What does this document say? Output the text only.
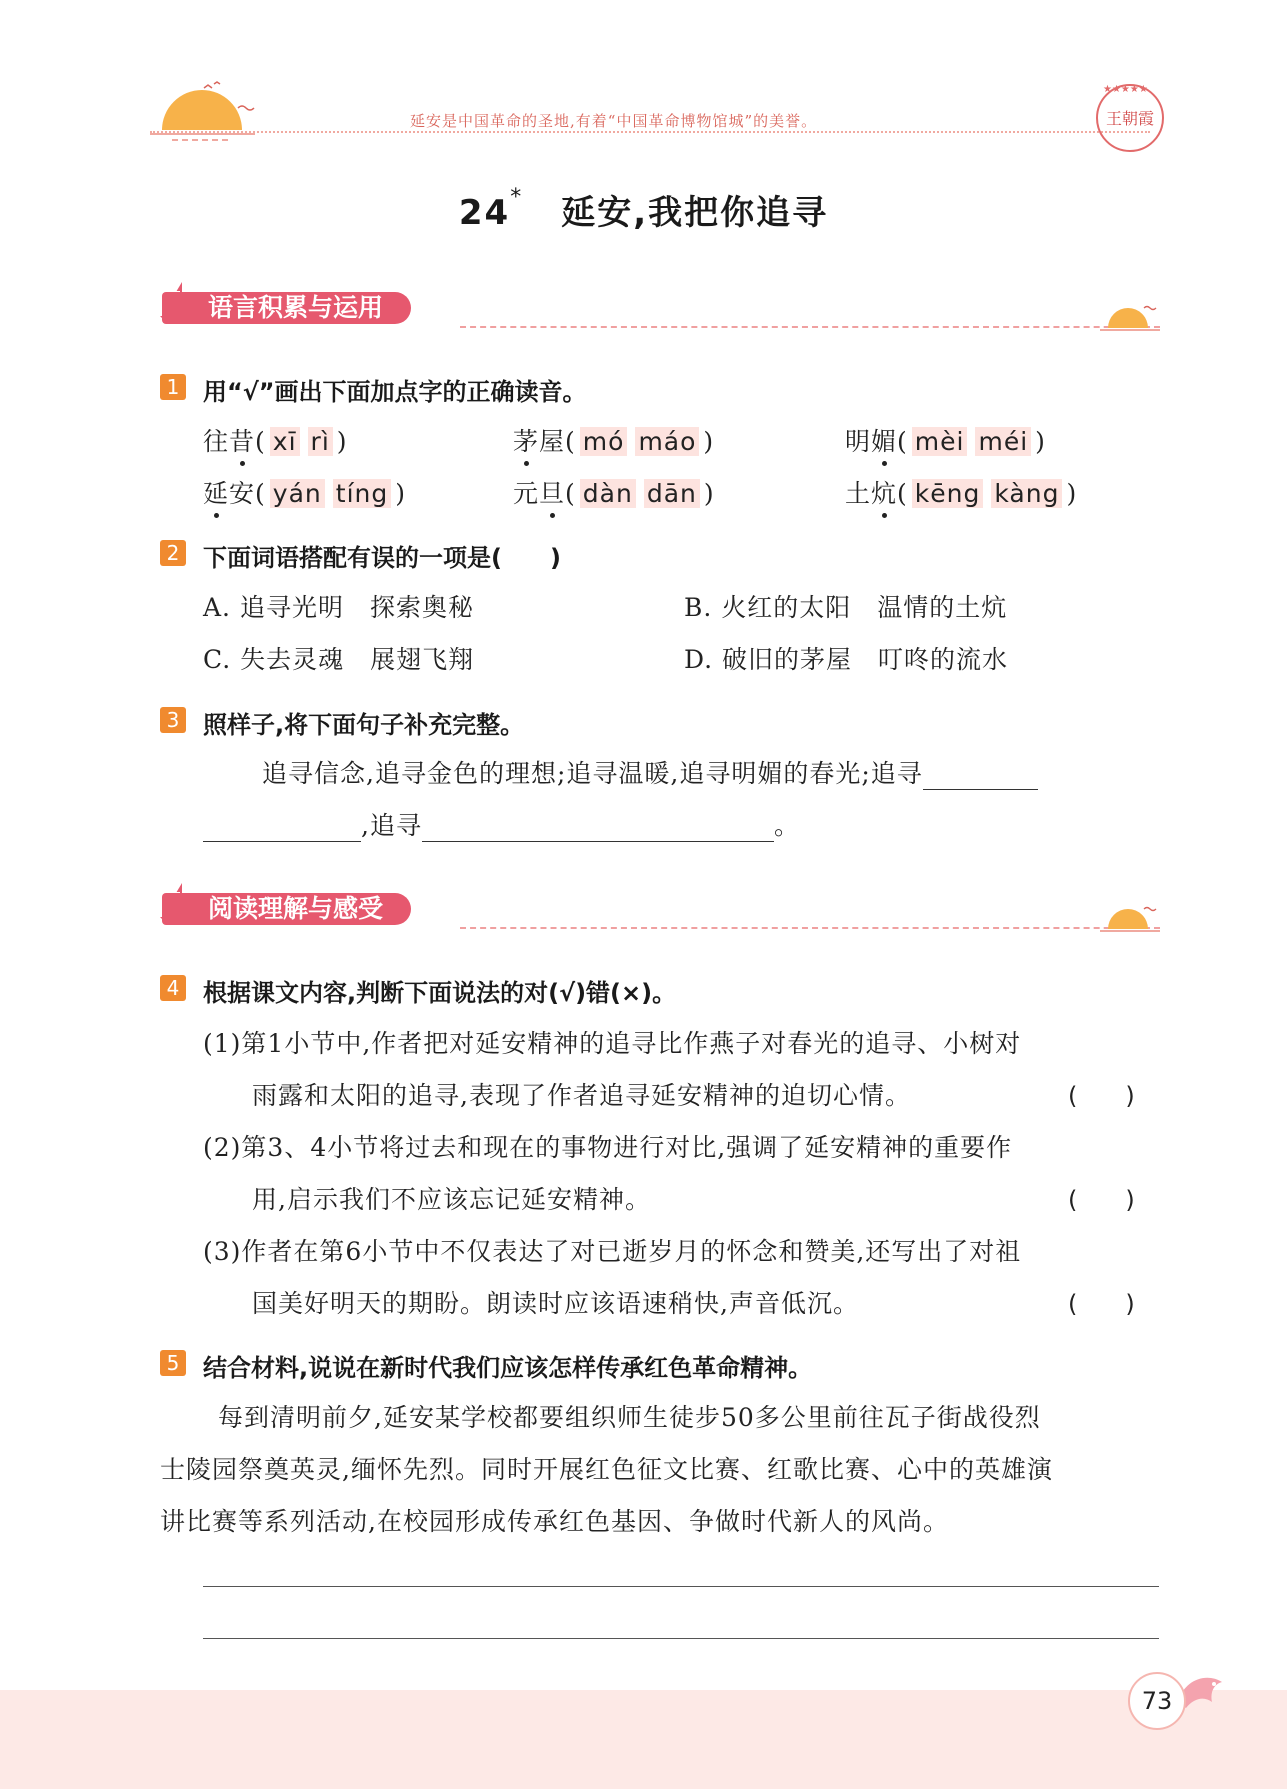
延安是中国革命的圣地,有着“中国革命博物馆城”的美誉。
★★★★★
王朝霞
24* 延安,我把你追寻
语言积累与运用
1 用“√”画出下面加点字的正确读音。
往昔( xī rì )	茅屋( mó máo )	明媚( mèi méi )
延安( yán tíng )	元旦( dàn dān )	土炕( kēng kàng )
2 下面词语搭配有误的一项是(　　)
A. 追寻光明　探索奥秘	B. 火红的太阳　温情的土炕
C. 失去灵魂　展翅飞翔	D. 破旧的茅屋　叮咚的流水
3 照样子,将下面句子补充完整。
追寻信念,追寻金色的理想;追寻温暖,追寻明媚的春光;追寻
,追寻	。
阅读理解与感受
4 根据课文内容,判断下面说法的对(√)错(×)。
(1)第1小节中,作者把对延安精神的追寻比作燕子对春光的追寻、小树对
雨露和太阳的追寻,表现了作者追寻延安精神的迫切心情。	(　　)
(2)第3、4小节将过去和现在的事物进行对比,强调了延安精神的重要作
用,启示我们不应该忘记延安精神。	(　　)
(3)作者在第6小节中不仅表达了对已逝岁月的怀念和赞美,还写出了对祖
国美好明天的期盼。朗读时应该语速稍快,声音低沉。	(　　)
5 结合材料,说说在新时代我们应该怎样传承红色革命精神。
每到清明前夕,延安某学校都要组织师生徒步50多公里前往瓦子街战役烈
士陵园祭奠英灵,缅怀先烈。同时开展红色征文比赛、红歌比赛、心中的英雄演
讲比赛等系列活动,在校园形成传承红色基因、争做时代新人的风尚。
73
